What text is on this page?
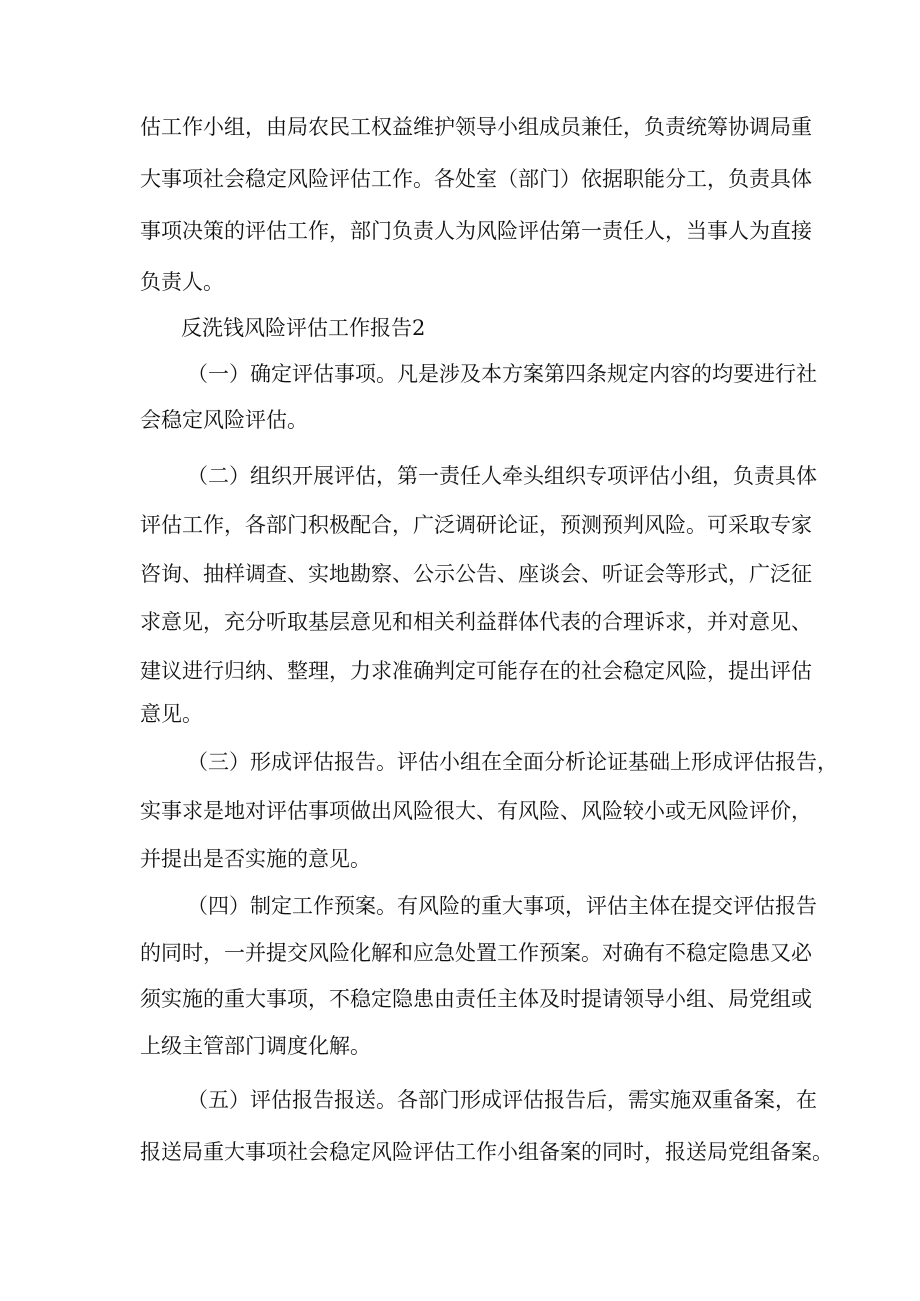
估 工 作 小 组 ， 由 局 农 民 工 权 益 维 护 领 导 小 组 成 员 兼 任 ， 负 责 统 筹 协 调 局 重

大 事 项 社 会 稳 定 风 险 评 估 工 作 。 各 处 室 （ 部 门 ） 依 据 职 能 分 工 ， 负 责 具 体

事 项 决 策 的 评 估 工 作 ， 部 门 负 责 人 为 风 险 评 估 第 一 责 任 人 ， 当 事 人 为 直 接

负责人。

反洗钱风险评估工作报告2

（一）确定评估事项。凡是涉及本方案第四条规定内容的均要进行社

会稳定风险评估。

（二）组织开展评估，第一责任人牵头组织专项评估小组，负责具体

评 估 工 作 ， 各 部 门 积 极 配 合 ， 广 泛 调 研 论 证 ， 预 测 预 判 风 险 。 可 采 取 专 家

咨 询 、 抽 样 调 查 、 实 地 勘 察 、 公 示 公 告 、 座 谈 会 、 听 证 会 等 形 式 ， 广 泛 征

求 意 见 ， 充 分 听 取 基 层 意 见 和 相 关 利 益 群 体 代 表 的 合 理 诉 求 ， 并 对 意 见 、

建 议 进 行 归 纳 、 整 理 ， 力 求 准 确 判 定 可 能 存 在 的 社 会 稳 定 风 险 ， 提 出 评 估

意见。

（三）形成评估报告。评估小组在全面分析论证基础上形成评估报告，

实 事 求 是 地 对 评 估 事 项 做 出 风 险 很 大 、 有 风 险 、 风 险 较 小 或 无 风 险 评 价 ，

并提出是否实施的意见。

（四）制定工作预案。有风险的重大事项，评估主体在提交评估报告

的 同 时 ， 一 并 提 交 风 险 化 解 和 应 急 处 置 工 作 预 案 。 对 确 有 不 稳 定 隐 患 又 必

须 实 施 的 重 大 事 项 ， 不 稳 定 隐 患 由 责 任 主 体 及 时 提 请 领 导 小 组 、 局 党 组 或

上级主管部门调度化解。

（五）评估报告报送。各部门形成评估报告后，需实施双重备案，在

报 送 局 重 大 事 项 社 会 稳 定 风 险 评 估 工 作 小 组 备 案 的 同 时 ， 报 送 局 党 组 备 案 。
